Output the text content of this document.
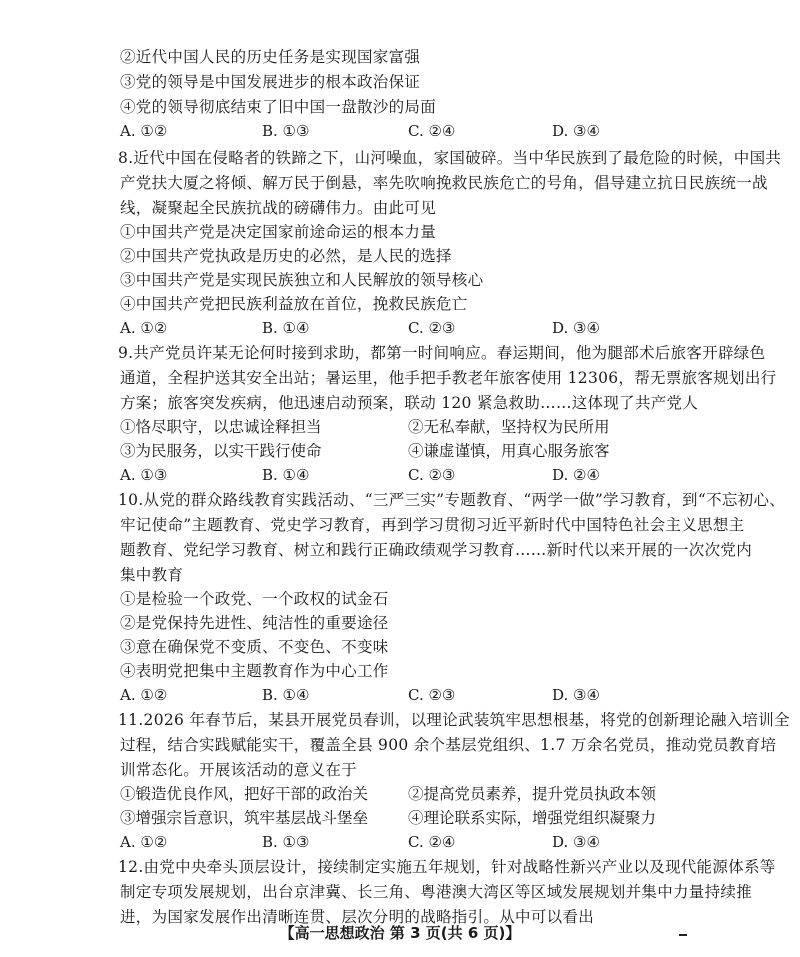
②近代中国人民的历史任务是实现国家富强
③党的领导是中国发展进步的根本政治保证
④党的领导彻底结束了旧中国一盘散沙的局面
A. ①②	B. ①③	C. ②④	D. ③④
8.近代中国在侵略者的铁蹄之下，山河噪血，家国破碎。当中华民族到了最危险的时候，中国共
产党扶大厦之将倾、解万民于倒悬，率先吹响挽救民族危亡的号角，倡导建立抗日民族统一战
线，凝聚起全民族抗战的磅礴伟力。由此可见
①中国共产党是决定国家前途命运的根本力量
②中国共产党执政是历史的必然，是人民的选择
③中国共产党是实现民族独立和人民解放的领导核心
④中国共产党把民族利益放在首位，挽救民族危亡
A. ①②	B. ①④	C. ②③	D. ③④
9.共产党员许某无论何时接到求助，都第一时间响应。春运期间，他为腿部术后旅客开辟绿色
通道，全程护送其安全出站；暑运里，他手把手教老年旅客使用 12306，帮无票旅客规划出行
方案；旅客突发疾病，他迅速启动预案，联动 120 紧急救助……这体现了共产党人
①恪尽职守，以忠诚诠释担当	②无私奉献，坚持权为民所用
③为民服务，以实干践行使命	④谦虚谨慎，用真心服务旅客
A. ①③	B. ①④	C. ②③	D. ②④
10.从党的群众路线教育实践活动、“三严三实”专题教育、“两学一做”学习教育，到“不忘初心、
牢记使命”主题教育、党史学习教育，再到学习贯彻习近平新时代中国特色社会主义思想主
题教育、党纪学习教育、树立和践行正确政绩观学习教育……新时代以来开展的一次次党内
集中教育
①是检验一个政党、一个政权的试金石
②是党保持先进性、纯洁性的重要途径
③意在确保党不变质、不变色、不变味
④表明党把集中主题教育作为中心工作
A. ①②	B. ①④	C. ②③	D. ③④
11.2026 年春节后，某县开展党员春训，以理论武装筑牢思想根基，将党的创新理论融入培训全
过程，结合实践赋能实干，覆盖全县 900 余个基层党组织、1.7 万余名党员，推动党员教育培
训常态化。开展该活动的意义在于
①锻造优良作风，把好干部的政治关	②提高党员素养，提升党员执政本领
③增强宗旨意识，筑牢基层战斗堡垒	④理论联系实际，增强党组织凝聚力
A. ①②	B. ①③	C. ②④	D. ③④
12.由党中央牵头顶层设计，接续制定实施五年规划，针对战略性新兴产业以及现代能源体系等
制定专项发展规划，出台京津冀、长三角、粤港澳大湾区等区域发展规划并集中力量持续推
进，为国家发展作出清晰连贯、层次分明的战略指引。从中可以看出
【高一思想政治 第 3 页(共 6 页)】
